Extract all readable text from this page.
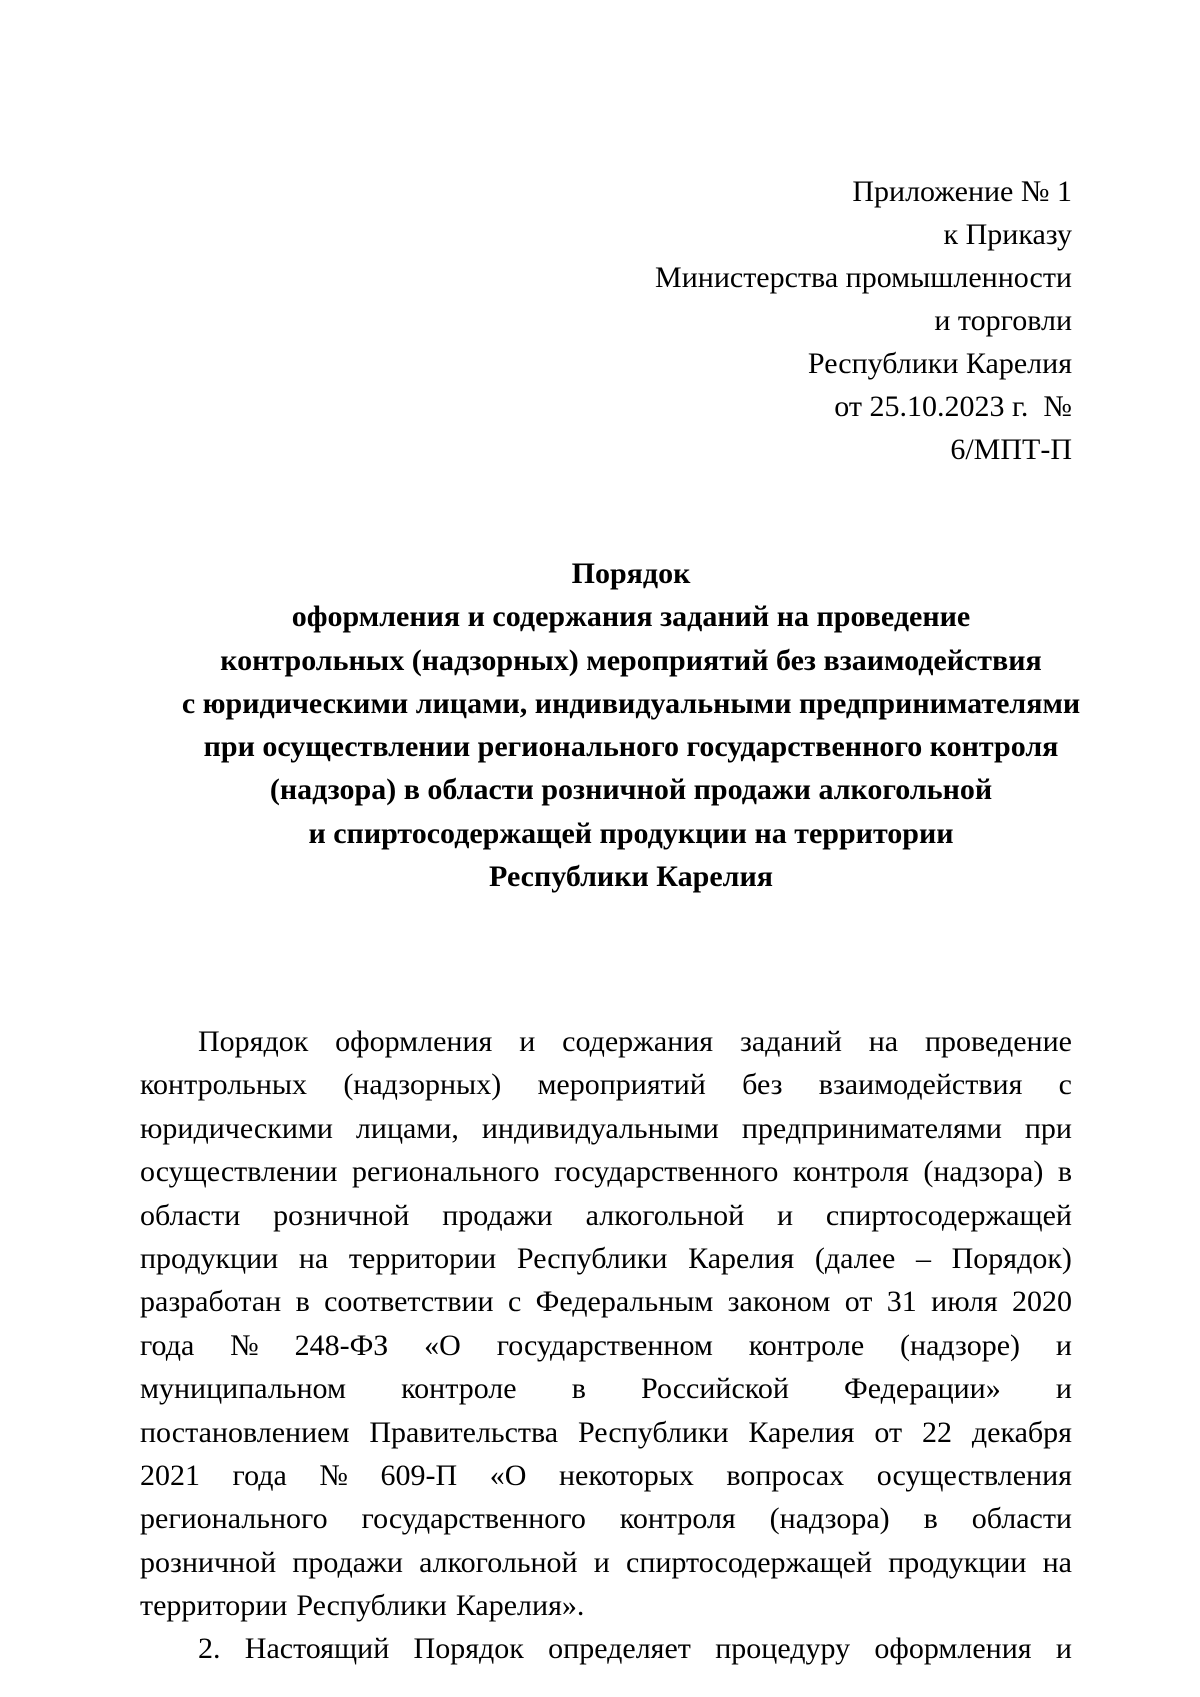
Приложение № 1
к Приказу
Министерства промышленности
и торговли
Республики Карелия
от 25.10.2023 г.  №
6/МПТ-П
Порядок
оформления и содержания заданий на проведение
контрольных (надзорных) мероприятий без взаимодействия
с юридическими лицами, индивидуальными предпринимателями
при осуществлении регионального государственного контроля
(надзора) в области розничной продажи алкогольной
и спиртосодержащей продукции на территории
Республики Карелия
Порядок оформления и содержания заданий на проведение
контрольных (надзорных) мероприятий без взаимодействия с
юридическими лицами, индивидуальными предпринимателями при
осуществлении регионального государственного контроля (надзора) в
области розничной продажи алкогольной и спиртосодержащей
продукции на территории Республики Карелия (далее – Порядок)
разработан в соответствии с Федеральным законом от 31 июля 2020
года № 248-ФЗ «О государственном контроле (надзоре) и
муниципальном контроле в Российской Федерации» и
постановлением Правительства Республики Карелия от 22 декабря
2021 года № 609-П «О некоторых вопросах осуществления
регионального государственного контроля (надзора) в области
розничной продажи алкогольной и спиртосодержащей продукции на
территории Республики Карелия».
2. Настоящий Порядок определяет процедуру оформления и
